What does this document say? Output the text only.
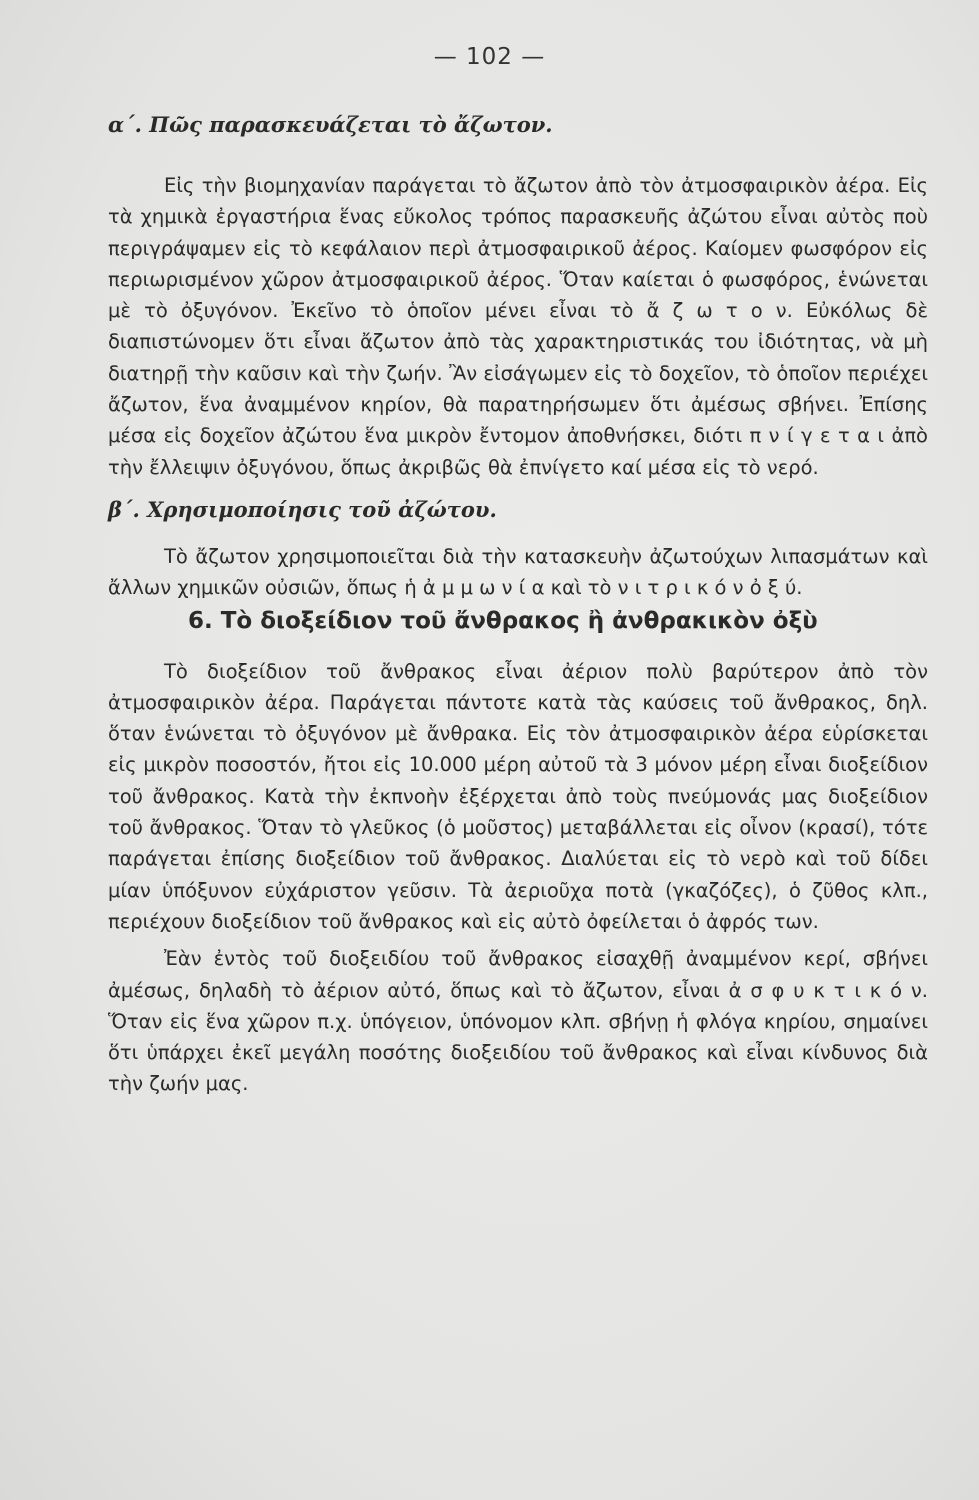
— 102 —

α΄. Πῶς παρασκευάζεται τὸ ἄζωτον.

Εἰς τὴν βιομηχανίαν παράγεται τὸ ἄζωτον ἀπὸ τὸν ἀτμοσφαιρικὸν ἀέρα. Εἰς τὰ χημικὰ ἐργαστήρια ἕνας εὔκολος τρόπος παρασκευῆς ἀζώτου εἶναι αὐτὸς ποὺ περιγράψαμεν εἰς τὸ κεφάλαιον περὶ ἀτμοσφαιρικοῦ ἀέρος. Καίομεν φωσφόρον εἰς περιωρισμένον χῶρον ἀτμοσφαιρικοῦ ἀέρος. Ὅταν καίεται ὁ φωσφόρος, ἑνώνεται μὲ τὸ ὀξυγόνον. Ἐκεῖνο τὸ ὁποῖον μένει εἶναι τὸ ἄ ζ ω τ ο ν. Εὐκόλως δὲ διαπιστώνομεν ὅτι εἶναι ἄζωτον ἀπὸ τὰς χαρακτηριστικάς του ἰδιότητας, νὰ μὴ διατηρῇ τὴν καῦσιν καὶ τὴν ζωήν. Ἂν εἰσάγωμεν εἰς τὸ δοχεῖον, τὸ ὁποῖον περιέχει ἄζωτον, ἕνα ἀναμμένον κηρίον, θὰ παρατηρήσωμεν ὅτι ἀμέσως σβήνει. Ἐπίσης μέσα εἰς δοχεῖον ἀζώτου ἕνα μικρὸν ἔντομον ἀποθνήσκει, διότι π ν ί γ ε τ α ι ἀπὸ τὴν ἔλλειψιν ὀξυγόνου, ὅπως ἀκριβῶς θὰ ἐπνίγετο καί μέσα εἰς τὸ νερό.

β΄. Χρησιμοποίησις τοῦ ἀζώτου.

Τὸ ἄζωτον χρησιμοποιεῖται διὰ τὴν κατασκευὴν ἀζωτούχων λιπασμάτων καὶ ἄλλων χημικῶν οὐσιῶν, ὅπως ἡ ἀ μ μ ω ν ί α καὶ τὸ ν ι τ ρ ι κ ό ν ὀ ξ ύ.

6. Τὸ διοξείδιον τοῦ ἄνθρακος ἢ ἀνθρακικὸν ὀξὺ

Τὸ διοξείδιον τοῦ ἄνθρακος εἶναι ἀέριον πολὺ βαρύτερον ἀπὸ τὸν ἀτμοσφαιρικὸν ἀέρα. Παράγεται πάντοτε κατὰ τὰς καύσεις τοῦ ἄνθρακος, δηλ. ὅταν ἑνώνεται τὸ ὀξυγόνον μὲ ἄνθρακα. Εἰς τὸν ἀτμοσφαιρικὸν ἀέρα εὑρίσκεται εἰς μικρὸν ποσοστόν, ἤτοι εἰς 10.000 μέρη αὐτοῦ τὰ 3 μόνον μέρη εἶναι διοξείδιον τοῦ ἄνθρακος. Κατὰ τὴν ἐκπνοὴν ἐξέρχεται ἀπὸ τοὺς πνεύμονάς μας διοξείδιον τοῦ ἄνθρακος. Ὅταν τὸ γλεῦκος (ὁ μοῦστος) μεταβάλλεται εἰς οἶνον (κρασί), τότε παράγεται ἐπίσης διοξείδιον τοῦ ἄνθρακος. Διαλύεται εἰς τὸ νερὸ καὶ τοῦ δίδει μίαν ὑπόξυνον εὐχάριστον γεῦσιν. Τὰ ἀεριοῦχα ποτὰ (γκαζόζες), ὁ ζῦθος κλπ., περιέχουν διοξείδιον τοῦ ἄνθρακος καὶ εἰς αὐτὸ ὀφείλεται ὁ ἀφρός των.

Ἐὰν ἐντὸς τοῦ διοξειδίου τοῦ ἄνθρακος εἰσαχθῇ ἀναμμένον κερί, σβήνει ἀμέσως, δηλαδὴ τὸ ἀέριον αὐτό, ὅπως καὶ τὸ ἄζωτον, εἶναι ἀ σ φ υ κ τ ι κ ό ν. Ὅταν εἰς ἕνα χῶρον π.χ. ὑπόγειον, ὑπόνομον κλπ. σβήνῃ ἡ φλόγα κηρίου, σημαίνει ὅτι ὑπάρχει ἐκεῖ μεγάλη ποσότης διοξειδίου τοῦ ἄνθρακος καὶ εἶναι κίνδυνος διὰ τὴν ζωήν μας.
